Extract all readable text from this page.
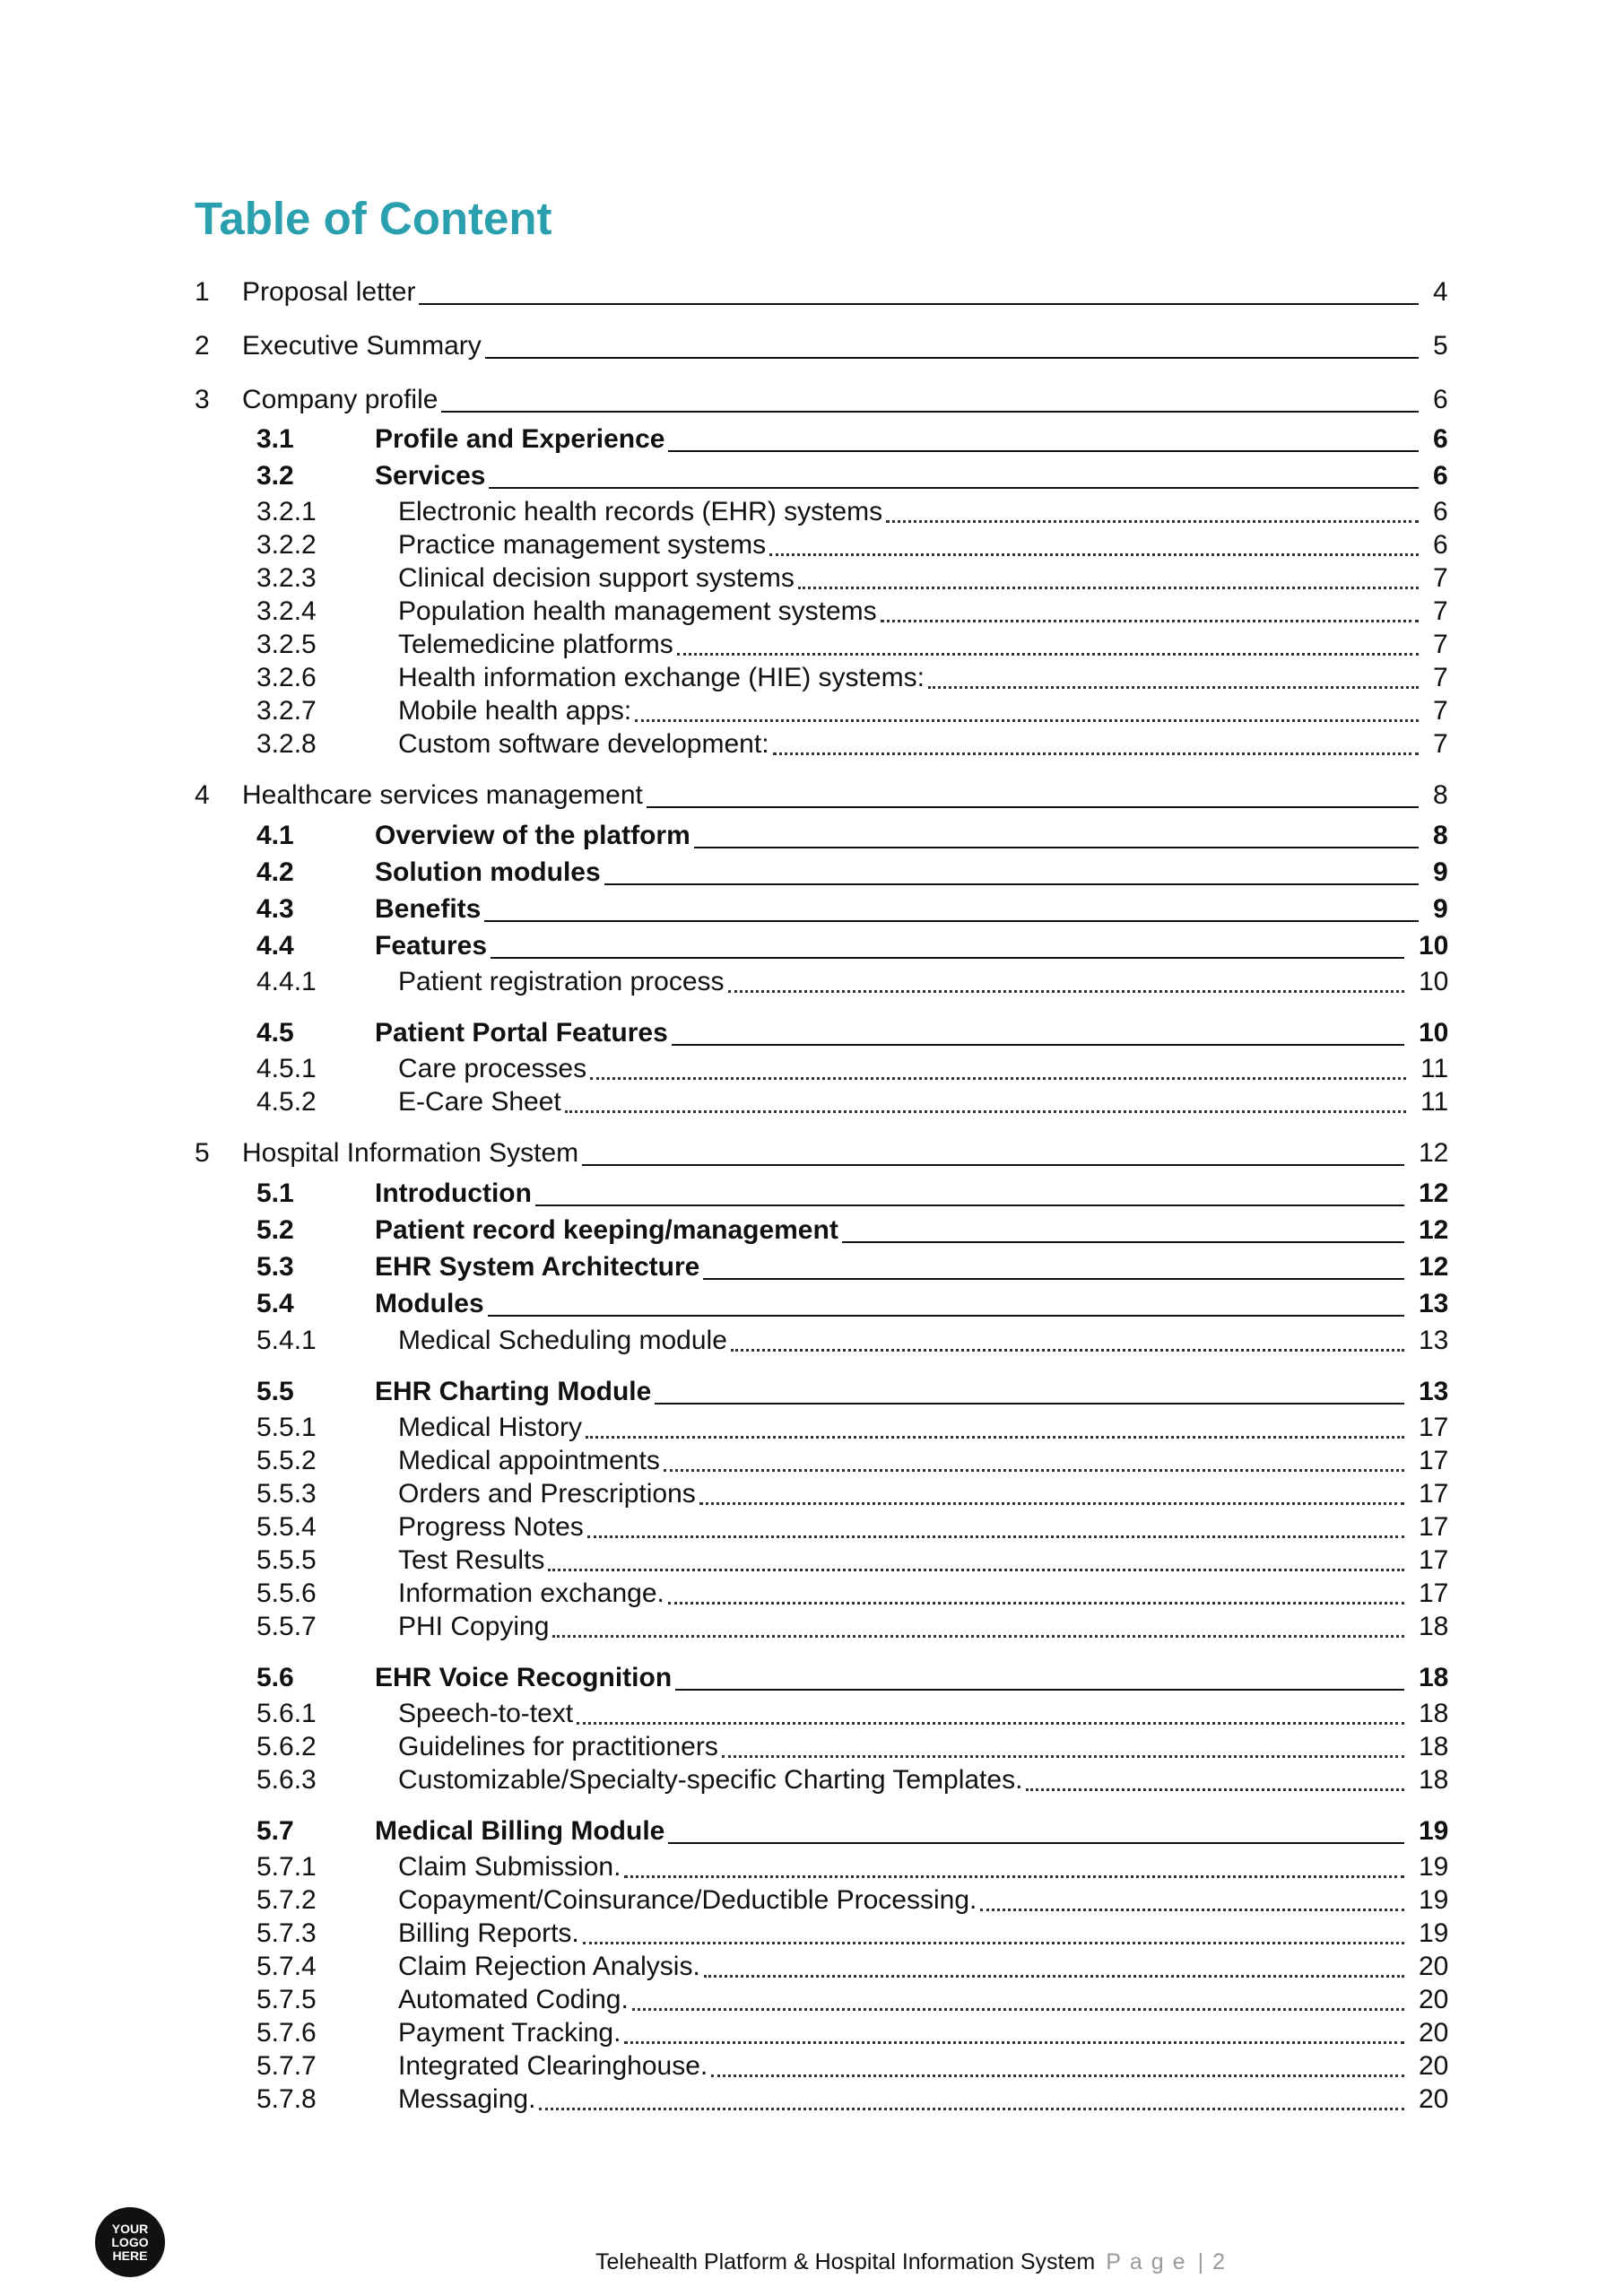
Table of Content
1 Proposal letter	4
2 Executive Summary	5
3 Company profile	6
3.1	Profile and Experience	6
3.2	Services	6
3.2.1	Electronic health records (EHR) systems	6
3.2.2	Practice management systems	6
3.2.3	Clinical decision support systems	7
3.2.4	Population health management systems	7
3.2.5	Telemedicine platforms	7
3.2.6	Health information exchange (HIE) systems:	7
3.2.7	Mobile health apps:	7
3.2.8	Custom software development:	7
4 Healthcare services management	8
4.1	Overview of the platform	8
4.2	Solution modules	9
4.3	Benefits	9
4.4	Features	10
4.4.1	Patient registration process	10
4.5	Patient Portal Features	10
4.5.1	Care processes	11
4.5.2	E-Care Sheet	11
5 Hospital Information System	12
5.1	Introduction	12
5.2	Patient record keeping/management	12
5.3	EHR System Architecture	12
5.4	Modules	13
5.4.1	Medical Scheduling module	13
5.5	EHR Charting Module	13
5.5.1	Medical History	17
5.5.2	Medical appointments	17
5.5.3	Orders and Prescriptions	17
5.5.4	Progress Notes	17
5.5.5	Test Results	17
5.5.6	Information exchange.	17
5.5.7	PHI Copying	18
5.6	EHR Voice Recognition	18
5.6.1	Speech-to-text	18
5.6.2	Guidelines for practitioners	18
5.6.3	Customizable/Specialty-specific Charting Templates.	18
5.7	Medical Billing Module	19
5.7.1	Claim Submission.	19
5.7.2	Copayment/Coinsurance/Deductible Processing.	19
5.7.3	Billing Reports.	19
5.7.4	Claim Rejection Analysis.	20
5.7.5	Automated Coding.	20
5.7.6	Payment Tracking.	20
5.7.7	Integrated Clearinghouse.	20
5.7.8	Messaging.	20
YOUR
LOGO
HERE	Telehealth Platform & Hospital Information System Page | 2
